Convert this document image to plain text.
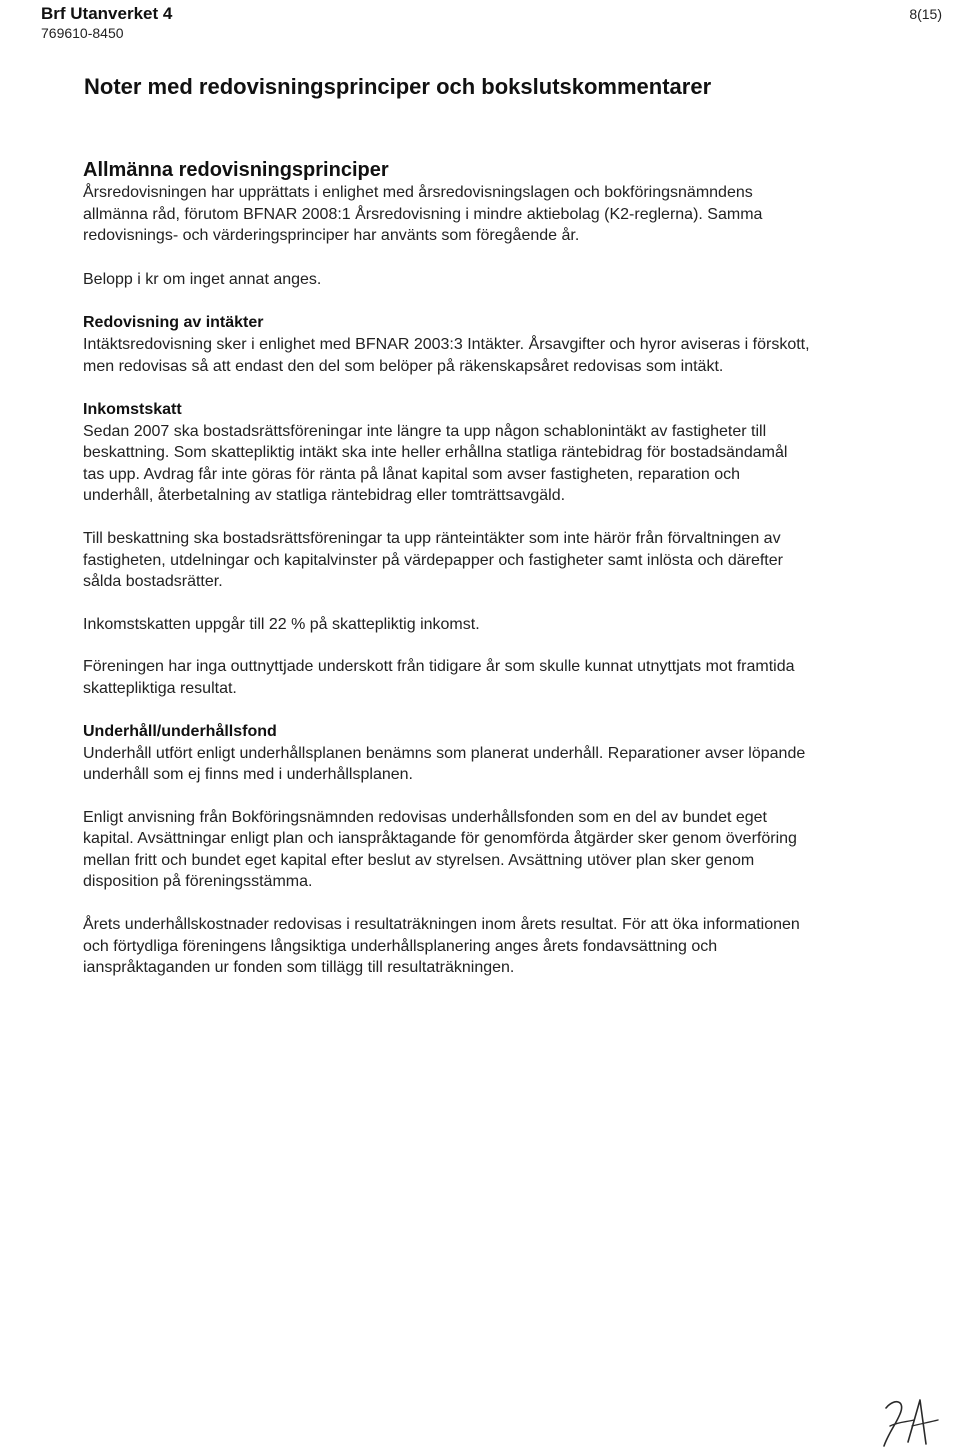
Brf Utanverket 4
769610-8450
8(15)
Noter med redovisningsprinciper och bokslutskommentarer
Allmänna redovisningsprinciper

Årsredovisningen har upprättats i enlighet med årsredovisningslagen och bokföringsnämndens

allmänna råd, förutom BFNAR 2008:1 Årsredovisning i mindre aktiebolag (K2-reglerna). Samma

redovisnings- och värderingsprinciper har använts som föregående år.

Belopp i kr om inget annat anges.

Redovisning av intäkter

Intäktsredovisning sker i enlighet med BFNAR 2003:3 Intäkter. Årsavgifter och hyror aviseras i förskott,

men redovisas så att endast den del som belöper på räkenskapsåret redovisas som intäkt.

Inkomstskatt

Sedan 2007 ska bostadsrättsföreningar inte längre ta upp någon schablonintäkt av fastigheter till

beskattning. Som skattepliktig intäkt ska inte heller erhållna statliga räntebidrag för bostadsändamål

tas upp. Avdrag får inte göras för ränta på lånat kapital som avser fastigheten, reparation och

underhåll, återbetalning av statliga räntebidrag eller tomträttsavgäld.

Till beskattning ska bostadsrättsföreningar ta upp ränteintäkter som inte härör från förvaltningen av

fastigheten, utdelningar och kapitalvinster på värdepapper och fastigheter samt inlösta och därefter

sålda bostadsrätter.

Inkomstskatten uppgår till 22 % på skattepliktig inkomst.

Föreningen har inga outtnyttjade underskott från tidigare år som skulle kunnat utnyttjats mot framtida

skattepliktiga resultat.

Underhåll/underhållsfond

Underhåll utfört enligt underhållsplanen benämns som planerat underhåll. Reparationer avser löpande

underhåll som ej finns med i underhållsplanen.

Enligt anvisning från Bokföringsnämnden redovisas underhållsfonden som en del av bundet eget

kapital. Avsättningar enligt plan och ianspråktagande för genomförda åtgärder sker genom överföring

mellan fritt och bundet eget kapital efter beslut av styrelsen. Avsättning utöver plan sker genom

disposition på föreningsstämma.

Årets underhållskostnader redovisas i resultaträkningen inom årets resultat. För att öka informationen

och förtydliga föreningens långsiktiga underhållsplanering anges årets fondavsättning och

ianspråktaganden ur fonden som tillägg till resultaträkningen.
